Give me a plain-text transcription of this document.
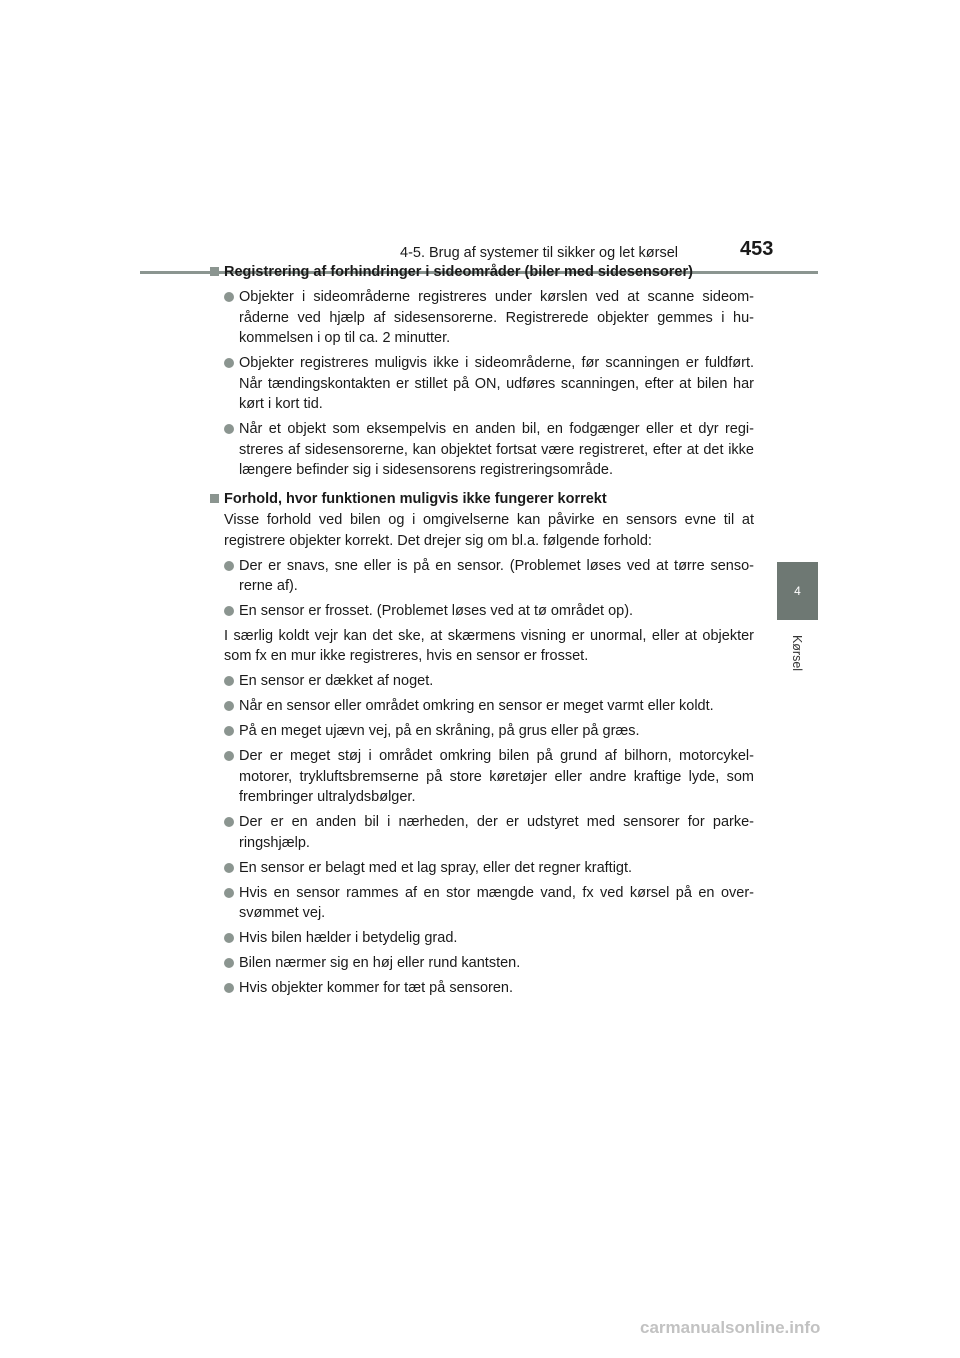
4-5. Brug af systemer til sikker og let kørsel	453
4
Kørsel
Registrering af forhindringer i sideområder (biler med sidesensorer)
Objekter i sideområderne registreres under kørslen ved at scanne sideområderne ved hjælp af sidesensorerne. Registrerede objekter gemmes i hukommelsen i op til ca. 2 minutter.
Objekter registreres muligvis ikke i sideområderne, før scanningen er fuldført. Når tændingskontakten er stillet på ON, udføres scanningen, efter at bilen har kørt i kort tid.
Når et objekt som eksempelvis en anden bil, en fodgænger eller et dyr registreres af sidesensorerne, kan objektet fortsat være registreret, efter at det ikke længere befinder sig i sidesensorens registreringsområde.
Forhold, hvor funktionen muligvis ikke fungerer korrekt
Visse forhold ved bilen og i omgivelserne kan påvirke en sensors evne til at registrere objekter korrekt. Det drejer sig om bl.a. følgende forhold:
Der er snavs, sne eller is på en sensor. (Problemet løses ved at tørre sensorerne af).
En sensor er frosset. (Problemet løses ved at tø området op).
I særlig koldt vejr kan det ske, at skærmens visning er unormal, eller at objekter som fx en mur ikke registreres, hvis en sensor er frosset.
En sensor er dækket af noget.
Når en sensor eller området omkring en sensor er meget varmt eller koldt.
På en meget ujævn vej, på en skråning, på grus eller på græs.
Der er meget støj i området omkring bilen på grund af bilhorn, motorcykelmotorer, trykluftsbremserne på store køretøjer eller andre kraftige lyde, som frembringer ultralydsbølger.
Der er en anden bil i nærheden, der er udstyret med sensorer for parkeringshjælp.
En sensor er belagt med et lag spray, eller det regner kraftigt.
Hvis en sensor rammes af en stor mængde vand, fx ved kørsel på en oversvømmet vej.
Hvis bilen hælder i betydelig grad.
Bilen nærmer sig en høj eller rund kantsten.
Hvis objekter kommer for tæt på sensoren.
carmanualsonline.info
